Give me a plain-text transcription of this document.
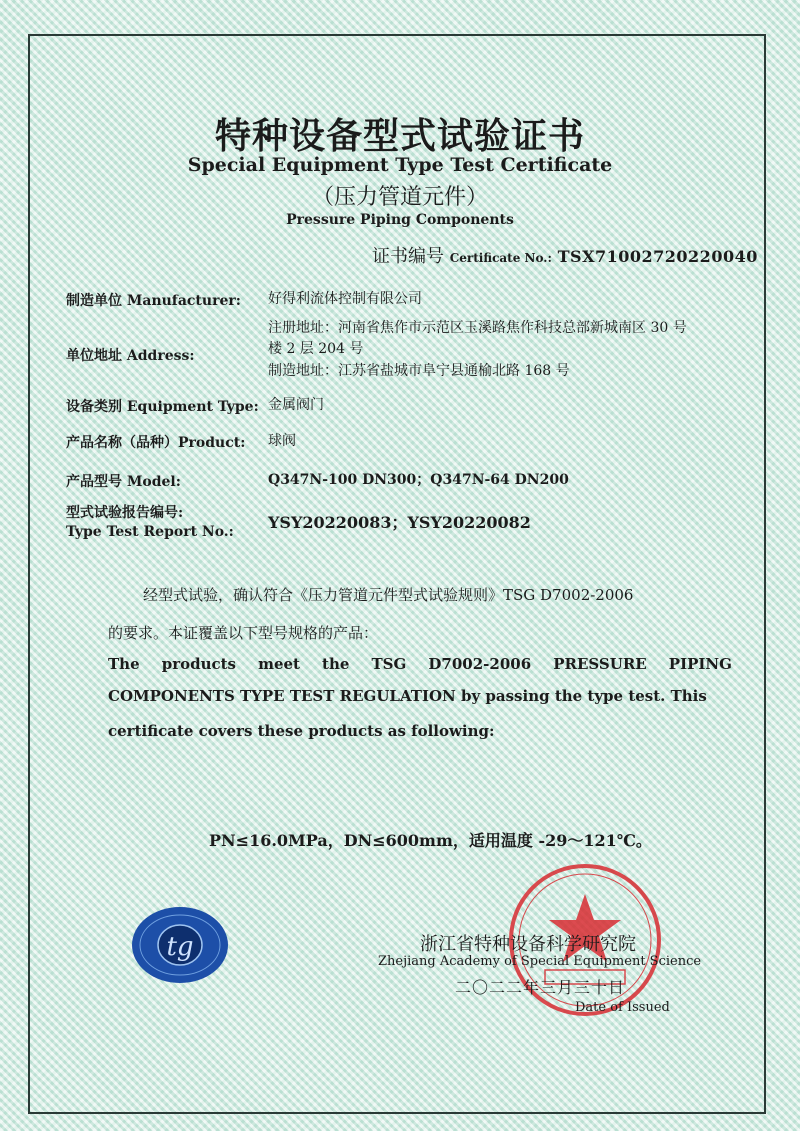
特种设备型式试验证书
Special Equipment Type Test Certificate
（压力管道元件）
Pressure Piping Components
证书编号 Certificate No.: TSX71002720220040
制造单位 Manufacturer: 好得利流体控制有限公司
单位地址 Address:
注册地址：河南省焦作市示范区玉溪路焦作科技总部新城南区 30 号
楼 2 层 204 号
制造地址：江苏省盐城市阜宁县通榆北路 168 号
设备类别 Equipment Type: 金属阀门
产品名称（品种）Product: 球阀
产品型号 Model:	Q347N-100 DN300；Q347N-64 DN200
型式试验报告编号:
Type Test Report No.: YSY20220083；YSY20220082
经型式试验，确认符合《压力管道元件型式试验规则》TSG D7002-2006
的要求。本证覆盖以下型号规格的产品：
The products meet the TSG D7002-2006 PRESSURE PIPING
COMPONENTS TYPE TEST REGULATION by passing the type test. This
certificate covers these products as following:
PN≤16.0MPa，DN≤600mm，适用温度 -29～121℃。
tg	浙江省特种设备科学研究院
Zhejiang Academy of Special Equipment Science
二〇二二年三月三十日
Date of Issued
